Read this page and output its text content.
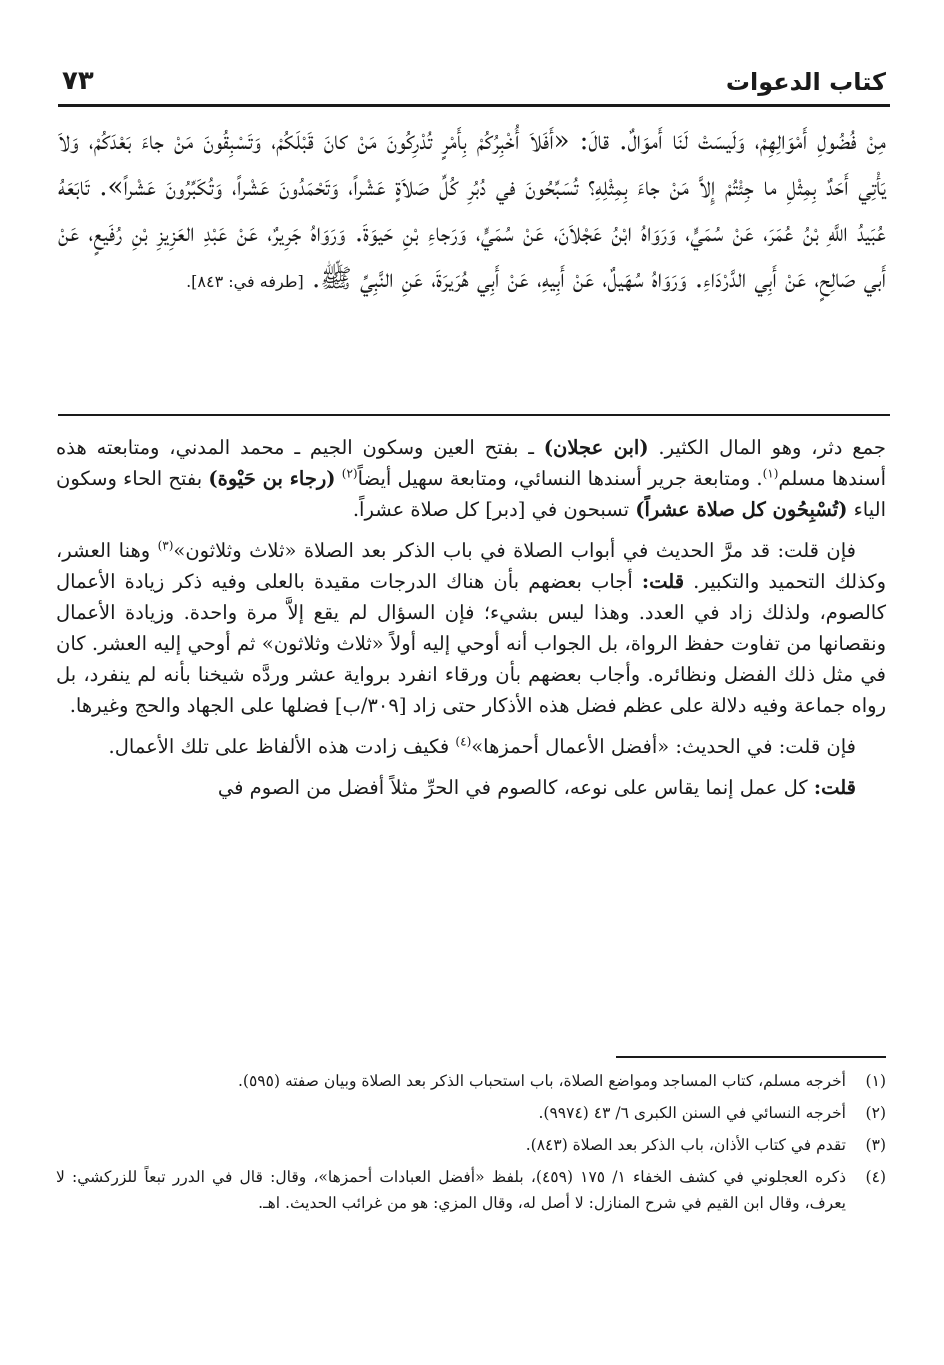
كتاب الدعوات
٧٣
مِنْ فُضُولِ أَمْوَالِهِمْ، وَلَيسَتْ لَنَا أَموَالٌ. قالَ: «أَفَلاَ أُخْبِرُكُمْ بِأَمْرٍ تُدْرِكُونَ مَنْ كانَ قَبْلَكُمْ، وَتَسْبِقُونَ مَنْ جاءَ بَعْدَكُمْ، وَلاَ يَأْتِي أَحَدٌ بِمِثْلِ ما جِئْتُمْ إِلاَّ مَنْ جاءَ بِمِثْلِهِ؟ تُسَبِّحُونَ في دُبُرِ كُلِّ صَلاَةٍ عَشْراً، وَتَحْمَدُونَ عَشْراً، وَتُكَبِّرُونَ عَشْراً». تَابَعَهُ عُبَيدُ اللَّهِ بْنُ عُمَرَ، عَنْ سُمَيٍّ، وَرَوَاهُ ابْنُ عَجْلاَنَ، عَنْ سُمَيٍّ، وَرَجاءِ بْنِ حَيوَةَ. وَرَوَاهُ جَرِيرٌ، عَنْ عَبْدِ العَزِيزِ بْنِ رُفَيعٍ، عَنْ أَبي صَالِحٍ، عَنْ أَبِي الدَّرْدَاءِ. وَرَوَاهُ سُهَيلٌ، عَنْ أَبِيهِ، عَنْ أَبِي هُرَيرَةَ، عَنِ النَّبِيِّ ﷺ. [طرفه في: ٨٤٣].

جمع دثر، وهو المال الكثير. (ابن عجلان) ـ بفتح العين وسكون الجيم ـ محمد المدني، ومتابعته هذه أسندها مسلم$^{(١)}$. ومتابعة جرير أسندها النسائي، ومتابعة سهيل أيضاً$^{(٢)}$ (رجاء بن حَيْوة) بفتح الحاء وسكون الياء (تُسْبِحُون كل صلاة عشراً) تسبحون في [دبر] كل صلاة عشراً.

فإن قلت: قد مرَّ الحديث في أبواب الصلاة في باب الذكر بعد الصلاة «ثلاث وثلاثون»$^{(٣)}$ وهنا العشر، وكذلك التحميد والتكبير. قلت: أجاب بعضهم بأن هناك الدرجات مقيدة بالعلى وفيه ذكر زيادة الأعمال كالصوم، ولذلك زاد في العدد. وهذا ليس بشيء؛ فإن السؤال لم يقع إلاَّ مرة واحدة. وزيادة الأعمال ونقصانها من تفاوت حفظ الرواة، بل الجواب أنه أوحي إليه أولاً «ثلاث وثلاثون» ثم أوحي إليه العشر. كان في مثل ذلك الفضل ونظائره. وأجاب بعضهم بأن ورقاء انفرد برواية عشر وردَّه شيخنا بأنه لم ينفرد، بل رواه جماعة وفيه دلالة على عظم فضل هذه الأذكار حتى زاد [٣٠٩/ب] فضلها على الجهاد والحج وغيرها.

فإن قلت: في الحديث: «أفضل الأعمال أحمزها»$^{(٤)}$ فكيف زادت هذه الألفاظ على تلك الأعمال.

قلت: كل عمل إنما يقاس على نوعه، كالصوم في الحرِّ مثلاً أفضل من الصوم في

(١)
أخرجه مسلم، كتاب المساجد ومواضع الصلاة، باب استحباب الذكر بعد الصلاة وبيان صفته (٥٩٥).
(٢)
أخرجه النسائي في السنن الكبرى ٦/ ٤٣ (٩٩٧٤).
(٣)
تقدم في كتاب الأذان، باب الذكر بعد الصلاة (٨٤٣).
(٤)
ذكره العجلوني في كشف الخفاء ١/ ١٧٥ (٤٥٩)، بلفظ «أفضل العبادات أحمزها»، وقال: قال في الدرر تبعاً للزركشي: لا يعرف، وقال ابن القيم في شرح المنازل: لا أصل له، وقال المزي: هو من غرائب الحديث. اهـ.
